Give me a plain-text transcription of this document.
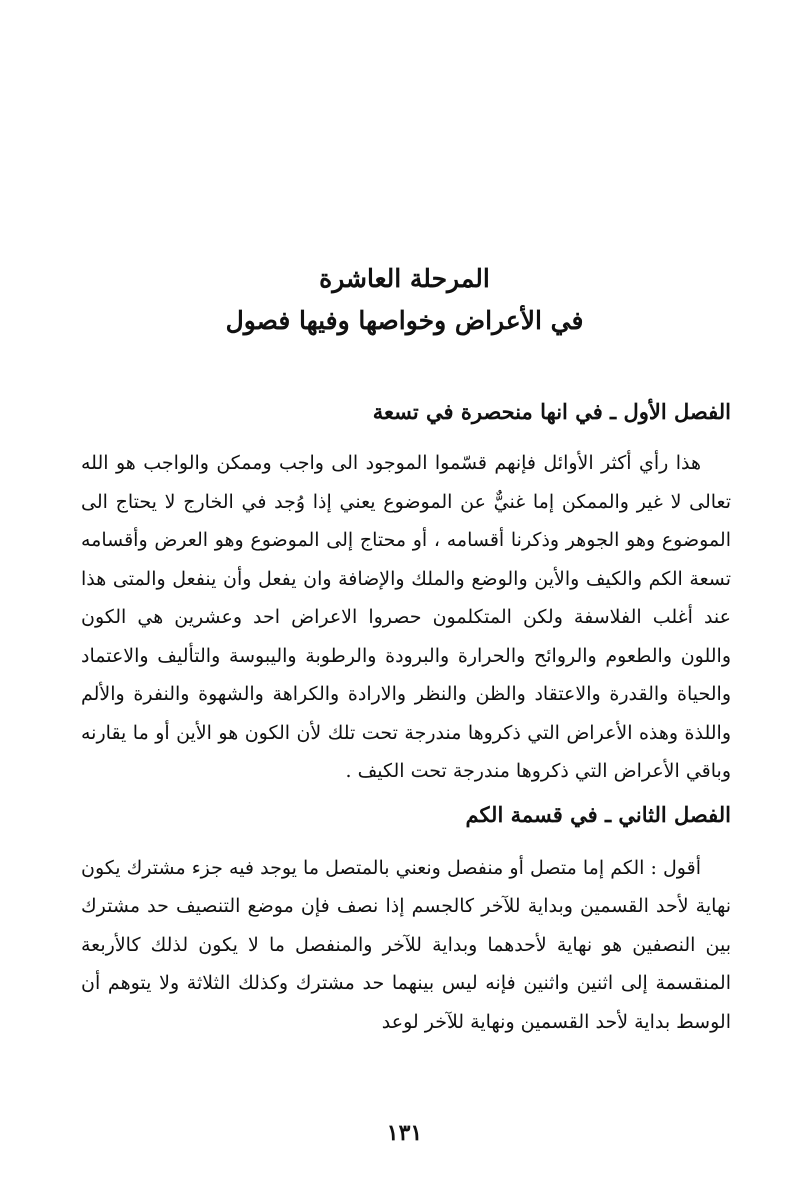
المرحلة العاشرة

في الأعراض وخواصها وفيها فصول

الفصل الأول ـ في انها منحصرة في تسعة

هذا رأي أكثر الأوائل فإنهم قسّموا الموجود الى واجب وممكن والواجب هو الله تعالى لا غير والممكن إما غنيٌّ عن الموضوع يعني إذا وُجد في الخارج لا يحتاج الى الموضوع وهو الجوهر وذكرنا أقسامه ، أو محتاج إلى الموضوع وهو العرض وأقسامه تسعة الكم والكيف والأين والوضع والملك والإضافة وان يفعل وأن ينفعل والمتى هذا عند أغلب الفلاسفة ولكن المتكلمون حصروا الاعراض احد وعشرين هي الكون واللون والطعوم والروائح والحرارة والبرودة والرطوبة واليبوسة والتأليف والاعتماد والحياة والقدرة والاعتقاد والظن والنظر والارادة والكراهة والشهوة والنفرة والألم واللذة وهذه الأعراض التي ذكروها مندرجة تحت تلك لأن الكون هو الأين أو ما يقارنه وباقي الأعراض التي ذكروها مندرجة تحت الكيف .

الفصل الثاني ـ في قسمة الكم

أقول : الكم إما متصل أو منفصل ونعني بالمتصل ما يوجد فيه جزء مشترك يكون نهاية لأحد القسمين وبداية للآخر كالجسم إذا نصف فإن موضع التنصيف حد مشترك بين النصفين هو نهاية لأحدهما وبداية للآخر والمنفصل ما لا يكون لذلك كالأربعة المنقسمة إلى اثنين واثنين فإنه ليس بينهما حد مشترك وكذلك الثلاثة ولا يتوهم أن الوسط بداية لأحد القسمين ونهاية للآخر لوعد

١٣١
